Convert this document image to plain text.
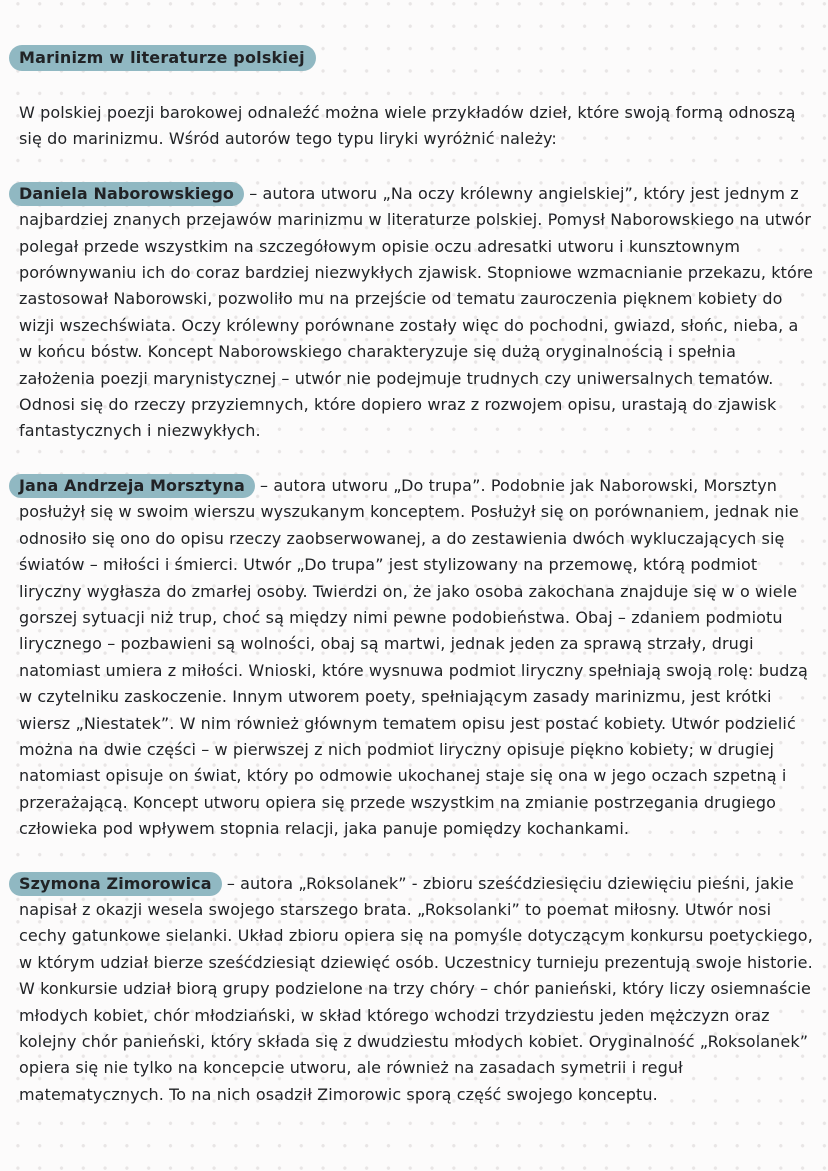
Marinizm w literaturze polskiej

W polskiej poezji barokowej odnaleźć można wiele przykładów dzieł, które swoją formą odnoszą się do marinizmu. Wśród autorów tego typu liryki wyróżnić należy:

Daniela Naborowskiego – autora utworu „Na oczy królewny angielskiej”, który jest jednym z najbardziej znanych przejawów marinizmu w literaturze polskiej. Pomysł Naborowskiego na utwór polegał przede wszystkim na szczegółowym opisie oczu adresatki utworu i kunsztownym porównywaniu ich do coraz bardziej niezwykłych zjawisk. Stopniowe wzmacnianie przekazu, które zastosował Naborowski, pozwoliło mu na przejście od tematu zauroczenia pięknem kobiety do wizji wszechświata. Oczy królewny porównane zostały więc do pochodni, gwiazd, słońc, nieba, a w końcu bóstw. Koncept Naborowskiego charakteryzuje się dużą oryginalnością i spełnia założenia poezji marynistycznej – utwór nie podejmuje trudnych czy uniwersalnych tematów. Odnosi się do rzeczy przyziemnych, które dopiero wraz z rozwojem opisu, urastają do zjawisk fantastycznych i niezwykłych.

Jana Andrzeja Morsztyna – autora utworu „Do trupa”. Podobnie jak Naborowski, Morsztyn posłużył się w swoim wierszu wyszukanym konceptem. Posłużył się on porównaniem, jednak nie odnosiło się ono do opisu rzeczy zaobserwowanej, a do zestawienia dwóch wykluczających się światów – miłości i śmierci. Utwór „Do trupa” jest stylizowany na przemowę, którą podmiot liryczny wygłasza do zmarłej osoby. Twierdzi on, że jako osoba zakochana znajduje się w o wiele gorszej sytuacji niż trup, choć są między nimi pewne podobieństwa. Obaj – zdaniem podmiotu lirycznego – pozbawieni są wolności, obaj są martwi, jednak jeden za sprawą strzały, drugi natomiast umiera z miłości. Wnioski, które wysnuwa podmiot liryczny spełniają swoją rolę: budzą w czytelniku zaskoczenie. Innym utworem poety, spełniającym zasady marinizmu, jest krótki wiersz „Niestatek”. W nim również głównym tematem opisu jest postać kobiety. Utwór podzielić można na dwie części – w pierwszej z nich podmiot liryczny opisuje piękno kobiety; w drugiej natomiast opisuje on świat, który po odmowie ukochanej staje się ona w jego oczach szpetną i przerażającą. Koncept utworu opiera się przede wszystkim na zmianie postrzegania drugiego człowieka pod wpływem stopnia relacji, jaka panuje pomiędzy kochankami.

Szymona Zimorowica – autora „Roksolanek” - zbioru sześćdziesięciu dziewięciu pieśni, jakie napisał z okazji wesela swojego starszego brata. „Roksolanki” to poemat miłosny. Utwór nosi cechy gatunkowe sielanki. Układ zbioru opiera się na pomyśle dotyczącym konkursu poetyckiego, w którym udział bierze sześćdziesiąt dziewięć osób. Uczestnicy turnieju prezentują swoje historie. W konkursie udział biorą grupy podzielone na trzy chóry – chór panieński, który liczy osiemnaście młodych kobiet, chór młodziański, w skład którego wchodzi trzydziestu jeden mężczyzn oraz kolejny chór panieński, który składa się z dwudziestu młodych kobiet. Oryginalność „Roksolanek” opiera się nie tylko na koncepcie utworu, ale również na zasadach symetrii i reguł matematycznych. To na nich osadził Zimorowic sporą część swojego konceptu.
